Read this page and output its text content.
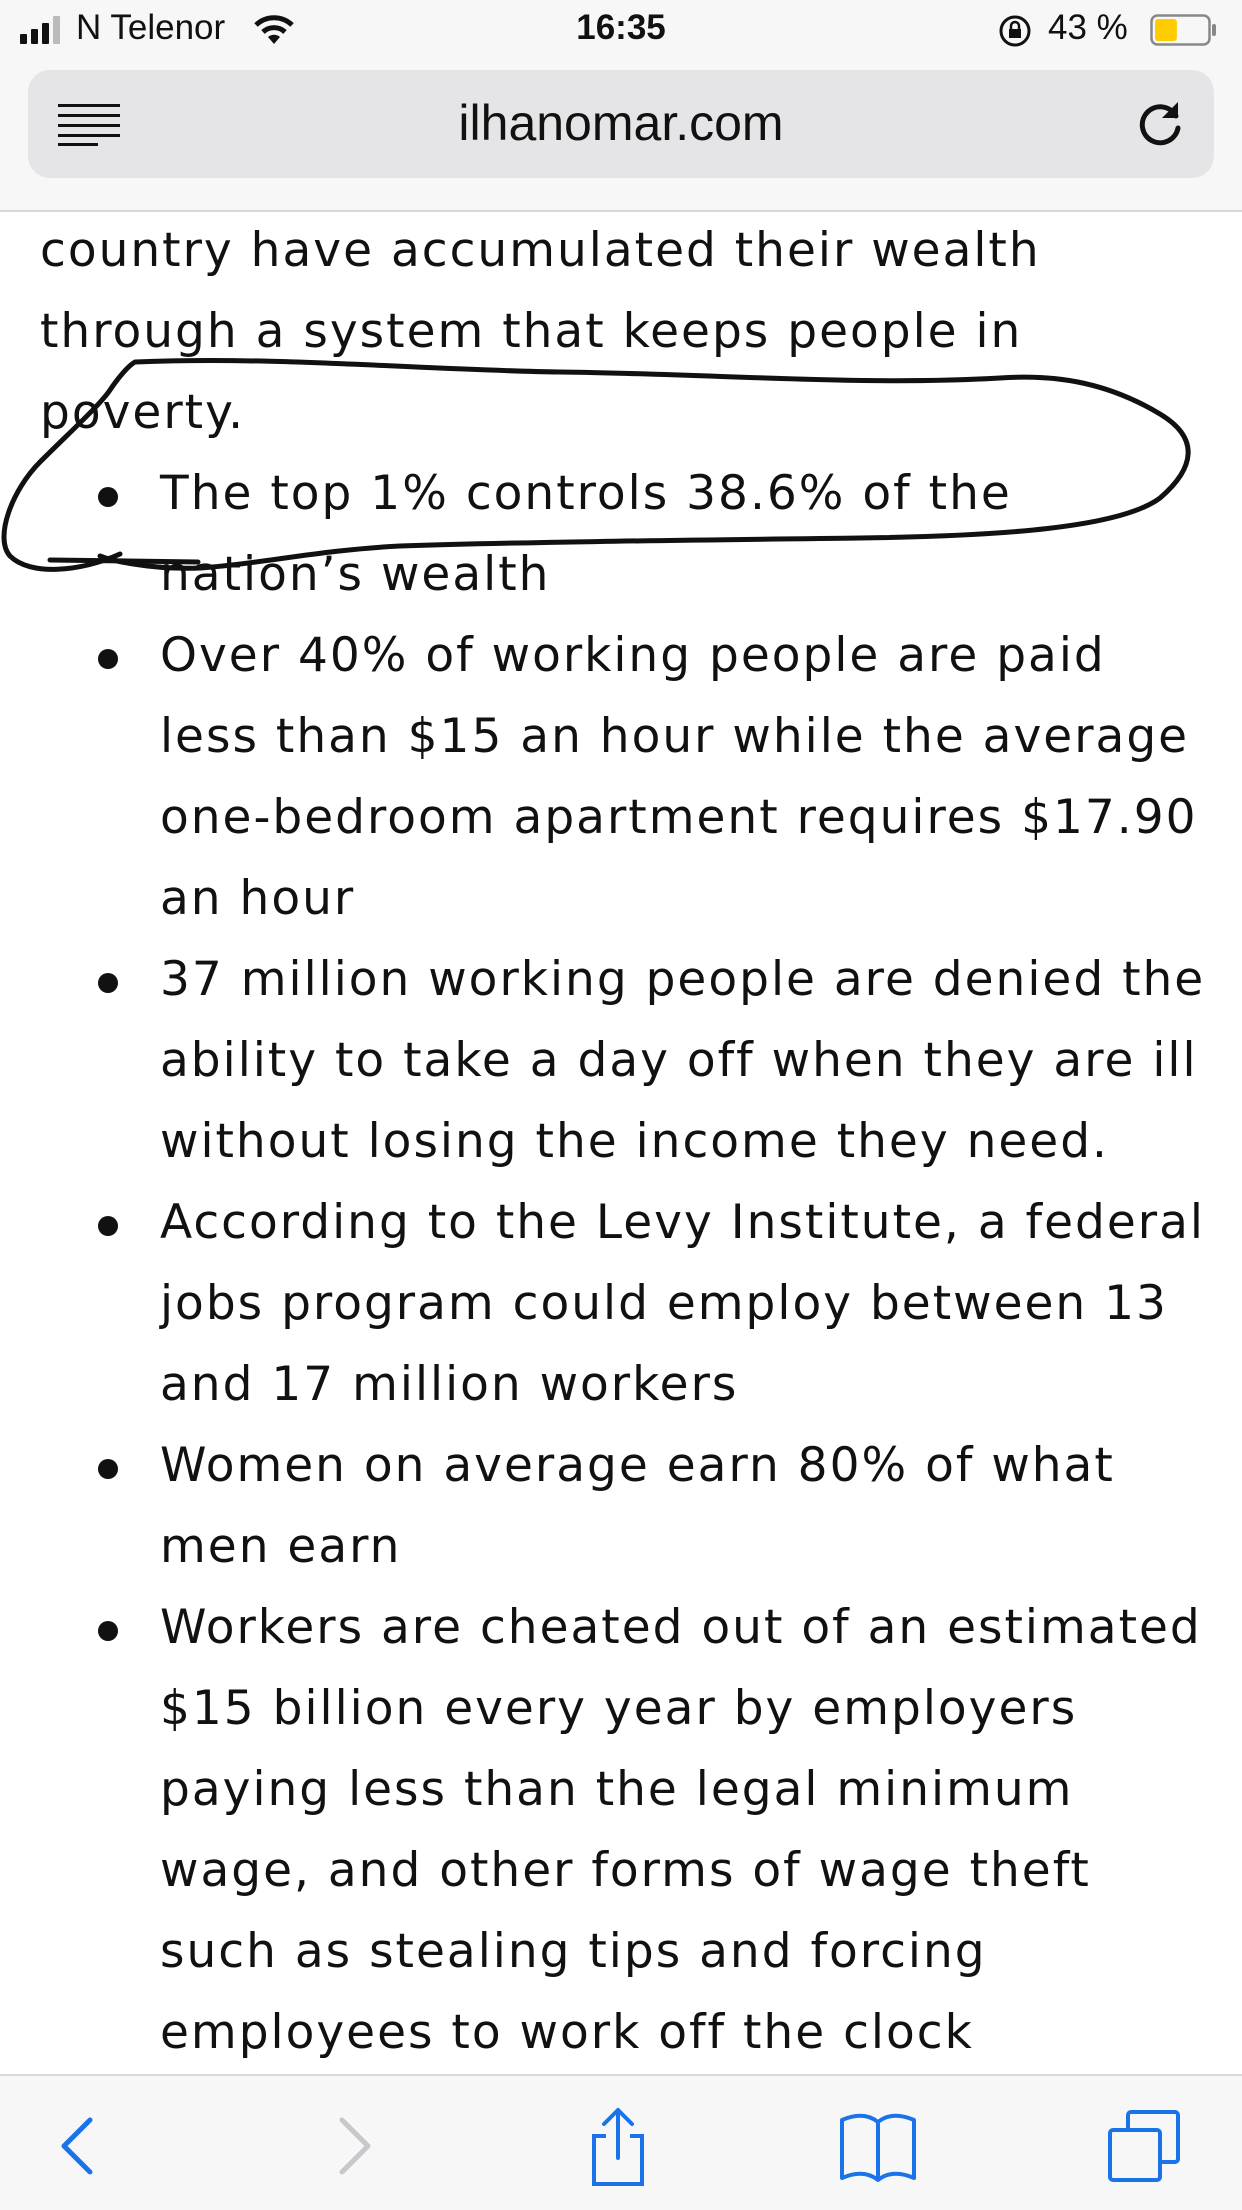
N Telenor	16:35	43 %
ilhanomar.com

country have accumulated their wealth through a system that keeps people in poverty.

The top 1% controls 38.6% of the nation’s wealth
Over 40% of working people are paid less than $15 an hour while the average one-bedroom apartment requires $17.90 an hour
37 million working people are denied the ability to take a day off when they are ill without losing the income they need.
According to the Levy Institute, a federal jobs program could employ between 13 and 17 million workers
Women on average earn 80% of what men earn
Workers are cheated out of an estimated $15 billion every year by employers paying less than the legal minimum wage, and other forms of wage theft such as stealing tips and forcing employees to work off the clock
